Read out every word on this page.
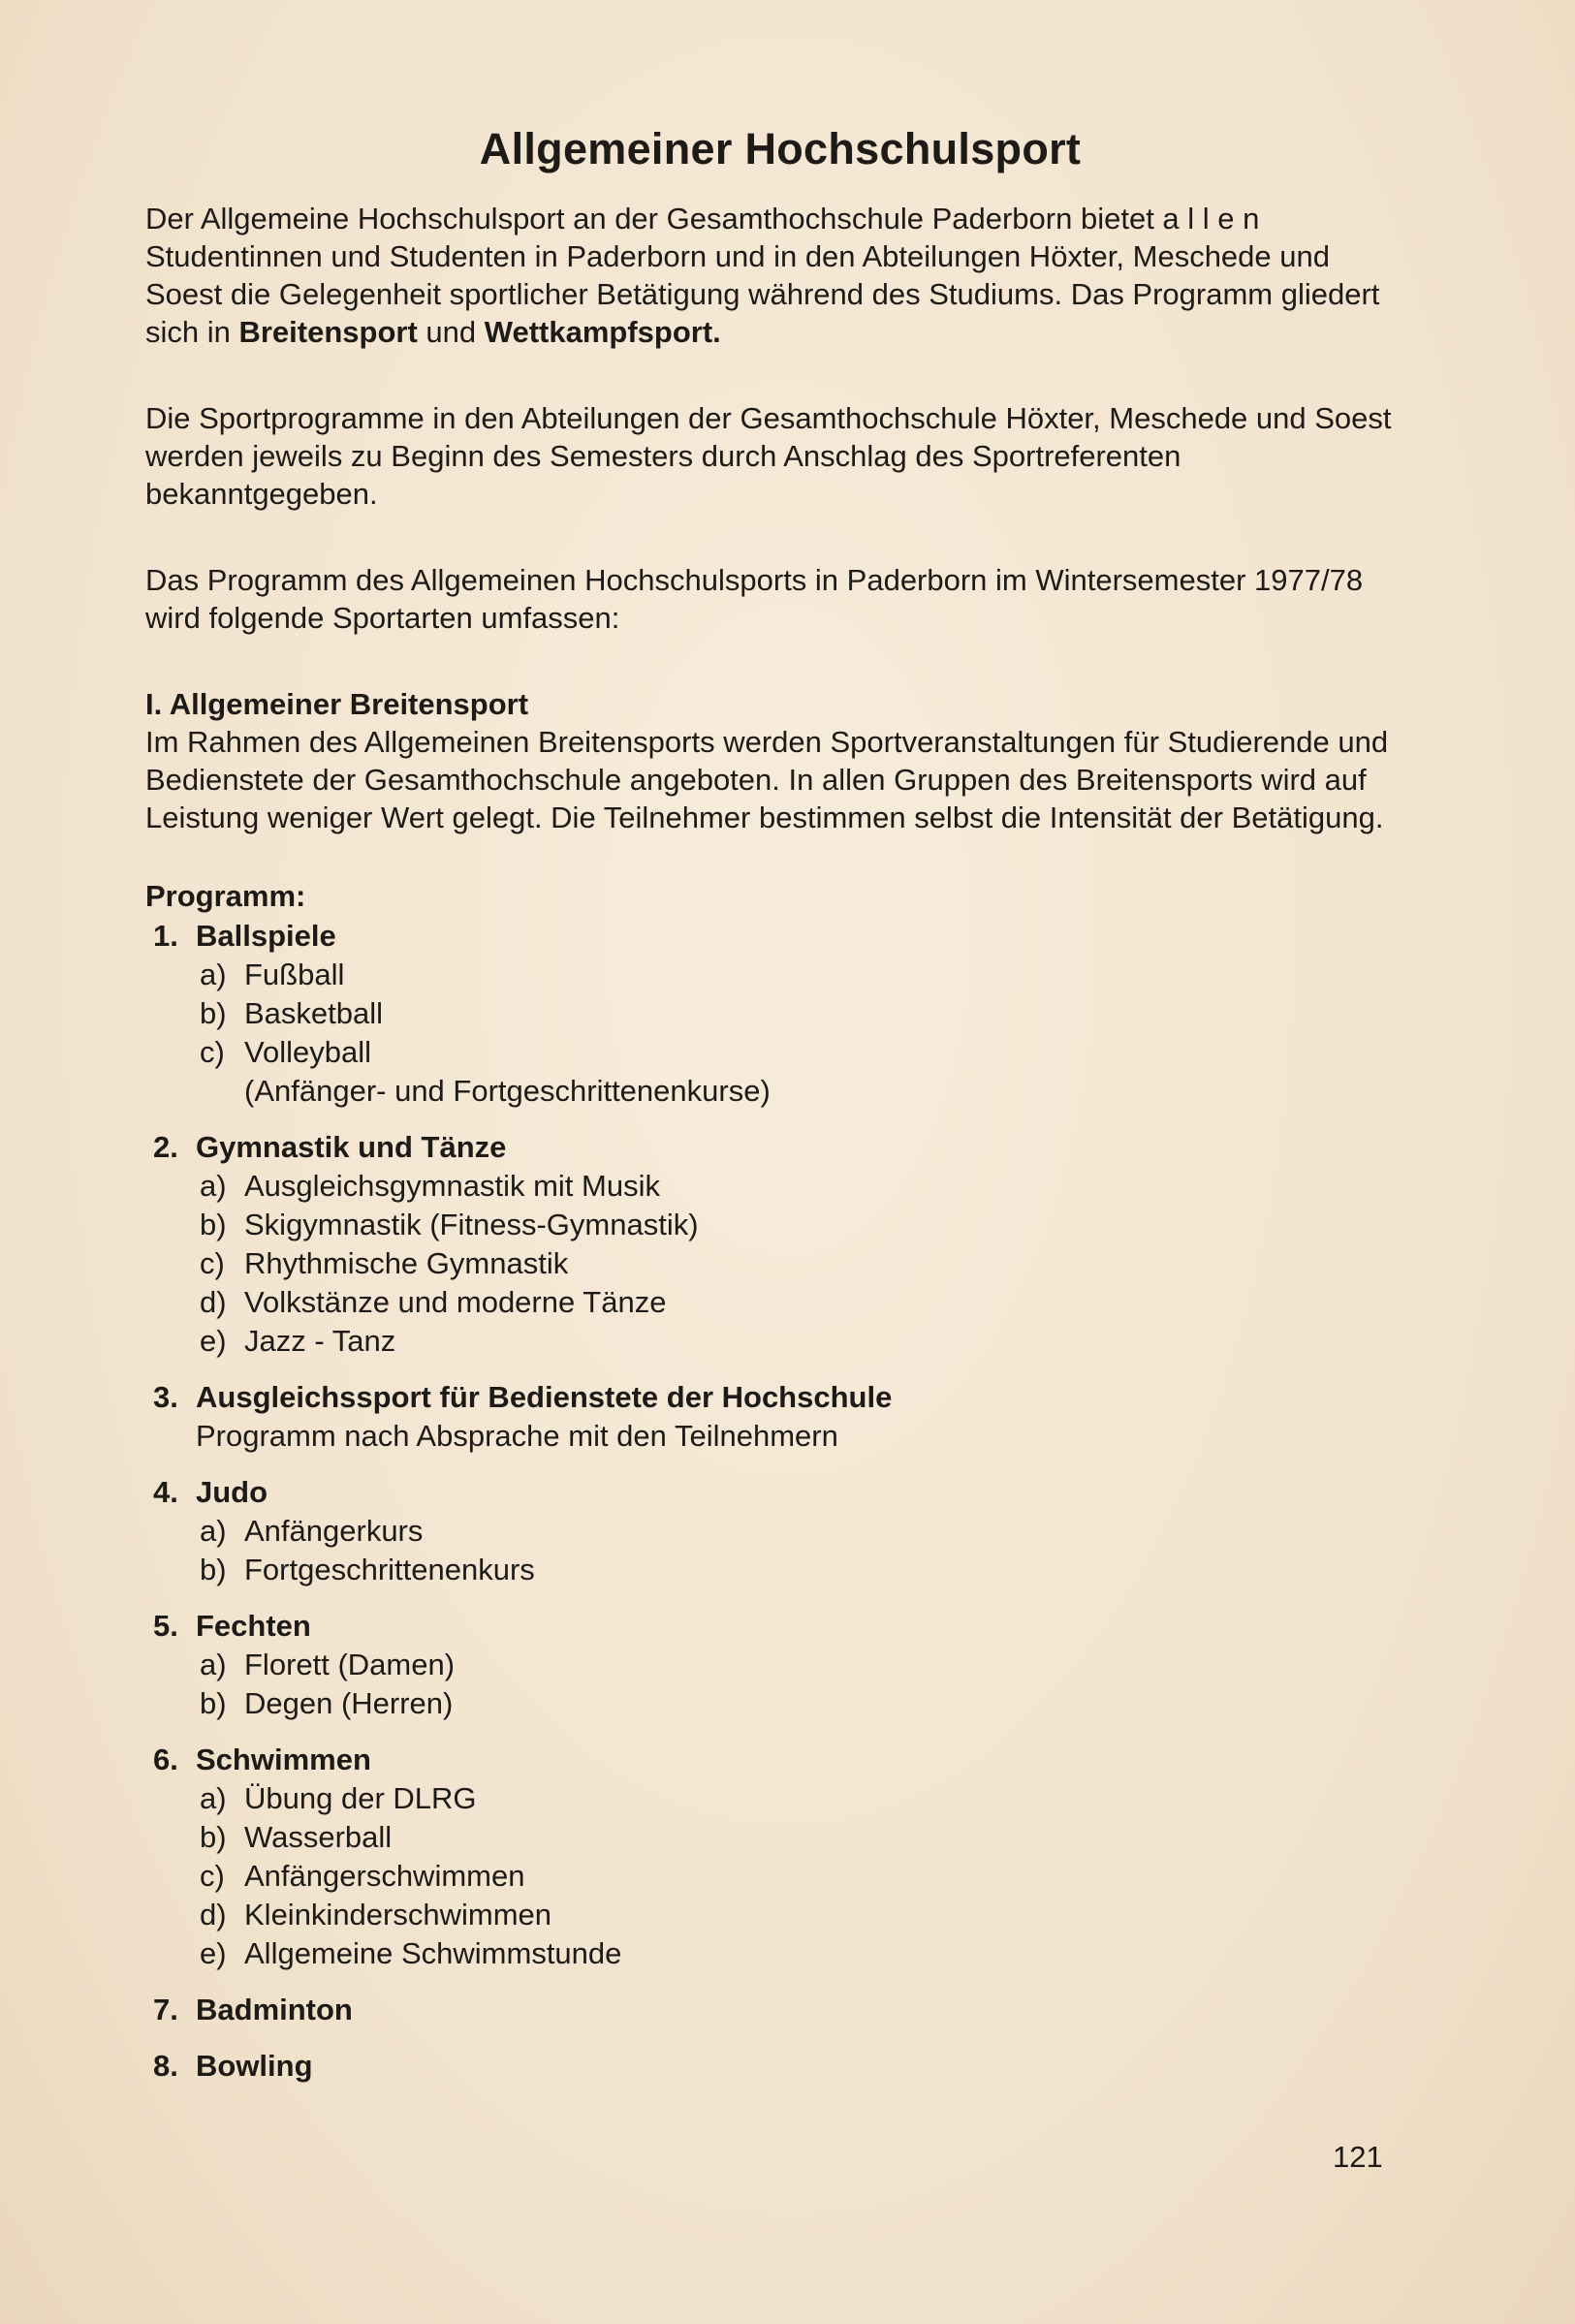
Allgemeiner Hochschulsport

Der Allgemeine Hochschulsport an der Gesamthochschule Paderborn bietet a l l e n Studentinnen und Studenten in Paderborn und in den Abteilungen Höxter, Meschede und Soest die Gelegenheit sportlicher Betätigung während des Studiums. Das Programm gliedert sich in Breitensport und Wettkampfsport.

Die Sportprogramme in den Abteilungen der Gesamthochschule Höxter, Meschede und Soest werden jeweils zu Beginn des Semesters durch Anschlag des Sportreferenten bekanntgegeben.

Das Programm des Allgemeinen Hochschulsports in Paderborn im Wintersemester 1977/78 wird folgende Sportarten umfassen:

I. Allgemeiner Breitensport

Im Rahmen des Allgemeinen Breitensports werden Sportveranstaltungen für Studierende und Bedienstete der Gesamthochschule angeboten. In allen Gruppen des Breitensports wird auf Leistung weniger Wert gelegt. Die Teilnehmer bestimmen selbst die Intensität der Betätigung.

Programm:

1. Ballspiele
a) Fußball
b) Basketball
c) Volleyball
(Anfänger- und Fortgeschrittenenkurse)
2. Gymnastik und Tänze
a) Ausgleichsgymnastik mit Musik
b) Skigymnastik (Fitness-Gymnastik)
c) Rhythmische Gymnastik
d) Volkstänze und moderne Tänze
e) Jazz - Tanz
3. Ausgleichssport für Bedienstete der Hochschule
Programm nach Absprache mit den Teilnehmern
4. Judo
a) Anfängerkurs
b) Fortgeschrittenenkurs
5. Fechten
a) Florett (Damen)
b) Degen (Herren)
6. Schwimmen
a) Übung der DLRG
b) Wasserball
c) Anfängerschwimmen
d) Kleinkinderschwimmen
e) Allgemeine Schwimmstunde
7. Badminton
8. Bowling
121
